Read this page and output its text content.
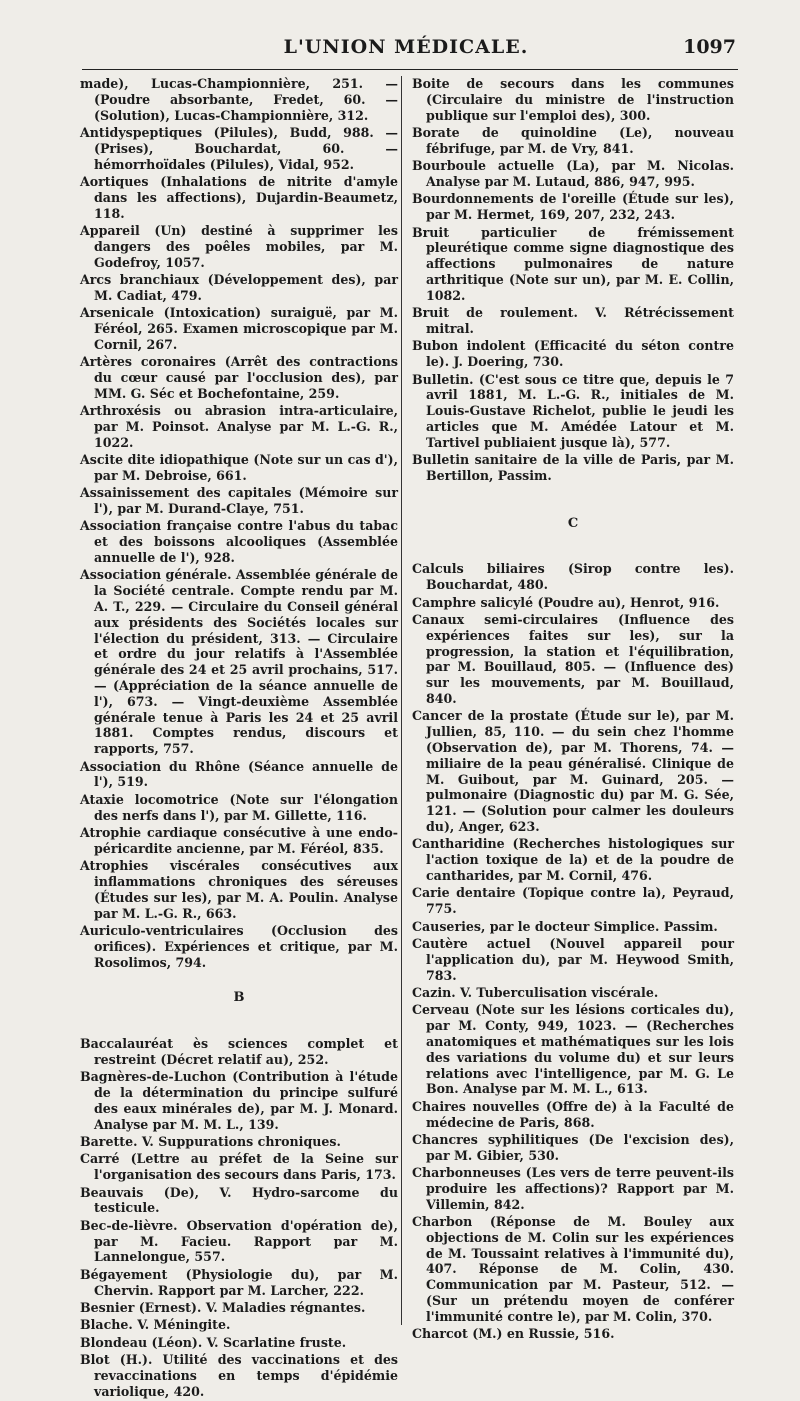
L'UNION MÉDICALE.	1097
made), Lucas-Championnière, 251. — (Poudre absorbante, Fredet, 60. — (Solution), Lucas-Championnière, 312.
Antidyspeptiques (Pilules), Budd, 988. — (Prises), Bouchardat, 60. — hémorrhoïdales (Pilules), Vidal, 952.
Aortiques (Inhalations de nitrite d'amyle dans les affections), Dujardin-Beaumetz, 118.
Appareil (Un) destiné à supprimer les dangers des poêles mobiles, par M. Godefroy, 1057.
Arcs branchiaux (Développement des), par M. Cadiat, 479.
Arsenicale (Intoxication) suraiguë, par M. Féréol, 265. Examen microscopique par M. Cornil, 267.
Artères coronaires (Arrêt des contractions du cœur causé par l'occlusion des), par MM. G. Séc et Bochefontaine, 259.
Arthroxésis ou abrasion intra-articulaire, par M. Poinsot. Analyse par M. L.-G. R., 1022.
Ascite dite idiopathique (Note sur un cas d'), par M. Debroise, 661.
Assainissement des capitales (Mémoire sur l'), par M. Durand-Claye, 751.
Association française contre l'abus du tabac et des boissons alcooliques (Assemblée annuelle de l'), 928.
Association générale. Assemblée générale de la Société centrale. Compte rendu par M. A. T., 229. — Circulaire du Conseil général aux présidents des Sociétés locales sur l'élection du président, 313. — Circulaire et ordre du jour relatifs à l'Assemblée générale des 24 et 25 avril prochains, 517. — (Appréciation de la séance annuelle de l'), 673. — Vingt-deuxième Assemblée générale tenue à Paris les 24 et 25 avril 1881. Comptes rendus, discours et rapports, 757.
Association du Rhône (Séance annuelle de l'), 519.
Ataxie locomotrice (Note sur l'élongation des nerfs dans l'), par M. Gillette, 116.
Atrophie cardiaque consécutive à une endo-péricardite ancienne, par M. Féréol, 835.
Atrophies viscérales consécutives aux inflammations chroniques des séreuses (Études sur les), par M. A. Poulin. Analyse par M. L.-G. R., 663.
Auriculo-ventriculaires (Occlusion des orifices). Expériences et critique, par M. Rosolimos, 794.
B
Baccalauréat ès sciences complet et restreint (Décret relatif au), 252.
Bagnères-de-Luchon (Contribution à l'étude de la détermination du principe sulfuré des eaux minérales de), par M. J. Monard. Analyse par M. M. L., 139.
Barette. V. Suppurations chroniques.
Carré (Lettre au préfet de la Seine sur l'organisation des secours dans Paris, 173.
Beauvais (De), V. Hydro-sarcome du testicule.
Bec-de-lièvre. Observation d'opération de), par M. Facieu. Rapport par M. Lannelongue, 557.
Bégayement (Physiologie du), par M. Chervin. Rapport par M. Larcher, 222.
Besnier (Ernest). V. Maladies régnantes.
Blache. V. Méningite.
Blondeau (Léon). V. Scarlatine fruste.
Blot (H.). Utilité des vaccinations et des revaccinations en temps d'épidémie variolique, 420.
Boite de secours dans les communes (Circulaire du ministre de l'instruction publique sur l'emploi des), 300.
Borate de quinoldine (Le), nouveau fébrifuge, par M. de Vry, 841.
Bourboule actuelle (La), par M. Nicolas. Analyse par M. Lutaud, 886, 947, 995.
Bourdonnements de l'oreille (Étude sur les), par M. Hermet, 169, 207, 232, 243.
Bruit particulier de frémissement pleurétique comme signe diagnostique des affections pulmonaires de nature arthritique (Note sur un), par M. E. Collin, 1082.
Bruit de roulement. V. Rétrécissement mitral.
Bubon indolent (Efficacité du séton contre le). J. Doering, 730.
Bulletin. (C'est sous ce titre que, depuis le 7 avril 1881, M. L.-G. R., initiales de M. Louis-Gustave Richelot, publie le jeudi les articles que M. Amédée Latour et M. Tartivel publiaient jusque là), 577.
Bulletin sanitaire de la ville de Paris, par M. Bertillon, Passim.
C
Calculs biliaires (Sirop contre les). Bouchardat, 480.
Camphre salicylé (Poudre au), Henrot, 916.
Canaux semi-circulaires (Influence des expériences faites sur les), sur la progression, la station et l'équilibration, par M. Bouillaud, 805. — (Influence des) sur les mouvements, par M. Bouillaud, 840.
Cancer de la prostate (Étude sur le), par M. Jullien, 85, 110. — du sein chez l'homme (Observation de), par M. Thorens, 74. — miliaire de la peau généralisé. Clinique de M. Guibout, par M. Guinard, 205. — pulmonaire (Diagnostic du) par M. G. Sée, 121. — (Solution pour calmer les douleurs du), Anger, 623.
Cantharidine (Recherches histologiques sur l'action toxique de la) et de la poudre de cantharides, par M. Cornil, 476.
Carie dentaire (Topique contre la), Peyraud, 775.
Causeries, par le docteur Simplice. Passim.
Cautère actuel (Nouvel appareil pour l'application du), par M. Heywood Smith, 783.
Cazin. V. Tuberculisation viscérale.
Cerveau (Note sur les lésions corticales du), par M. Conty, 949, 1023. — (Recherches anatomiques et mathématiques sur les lois des variations du volume du) et sur leurs relations avec l'intelligence, par M. G. Le Bon. Analyse par M. M. L., 613.
Chaires nouvelles (Offre de) à la Faculté de médecine de Paris, 868.
Chancres syphilitiques (De l'excision des), par M. Gibier, 530.
Charbonneuses (Les vers de terre peuvent-ils produire les affections)? Rapport par M. Villemin, 842.
Charbon (Réponse de M. Bouley aux objections de M. Colin sur les expériences de M. Toussaint relatives à l'immunité du), 407. Réponse de M. Colin, 430. Communication par M. Pasteur, 512. — (Sur un prétendu moyen de conférer l'immunité contre le), par M. Colin, 370.
Charcot (M.) en Russie, 516.
